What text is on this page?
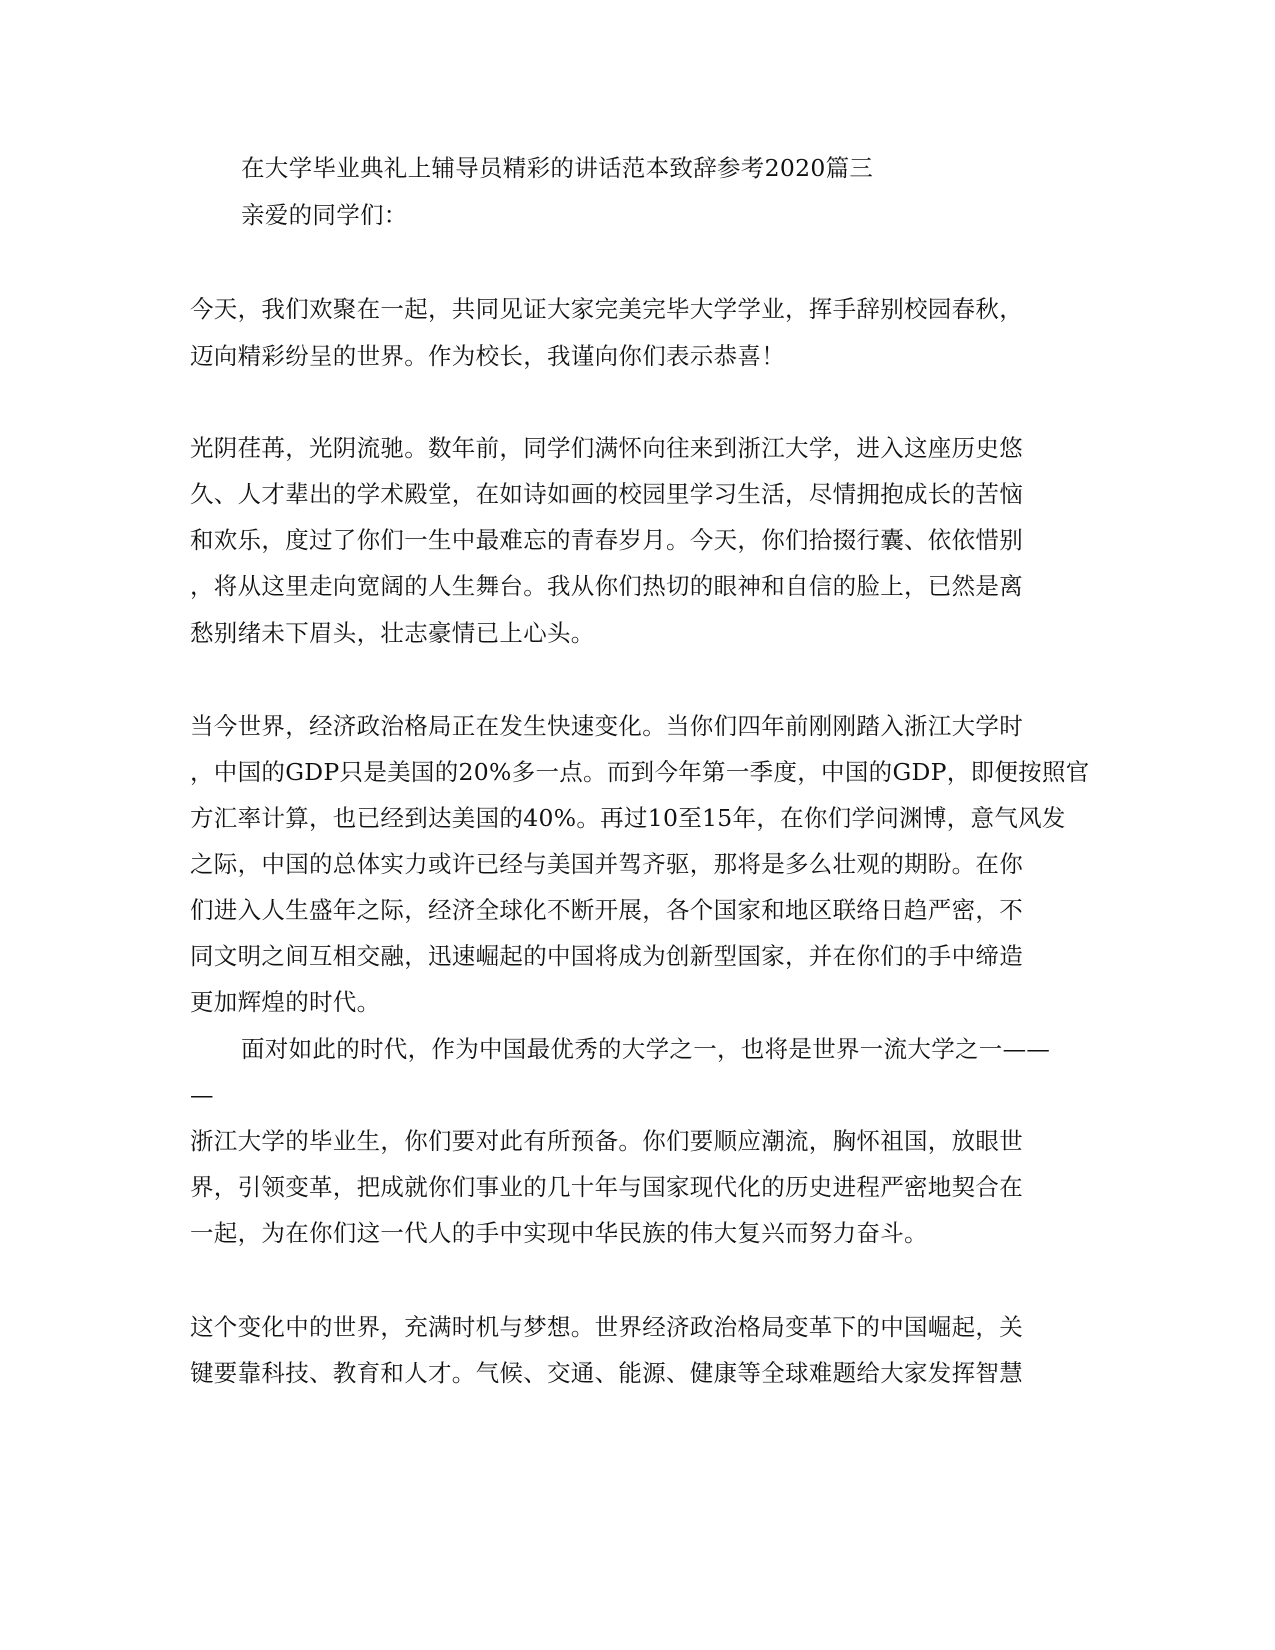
在大学毕业典礼上辅导员精彩的讲话范本致辞参考2020篇三
亲爱的同学们：
今天，我们欢聚在一起，共同见证大家完美完毕大学学业，挥手辞别校园春秋，
迈向精彩纷呈的世界。作为校长，我谨向你们表示恭喜！
光阴荏苒，光阴流驰。数年前，同学们满怀向往来到浙江大学，进入这座历史悠
久、人才辈出的学术殿堂，在如诗如画的校园里学习生活，尽情拥抱成长的苦恼
和欢乐，度过了你们一生中最难忘的青春岁月。今天，你们拾掇行囊、依依惜别
，将从这里走向宽阔的人生舞台。我从你们热切的眼神和自信的脸上，已然是离
愁别绪未下眉头，壮志豪情已上心头。
当今世界，经济政治格局正在发生快速变化。当你们四年前刚刚踏入浙江大学时
，中国的GDP只是美国的20%多一点。而到今年第一季度，中国的GDP，即便按照官
方汇率计算，也已经到达美国的40%。再过10至15年，在你们学问渊博，意气风发
之际，中国的总体实力或许已经与美国并驾齐驱，那将是多么壮观的期盼。在你
们进入人生盛年之际，经济全球化不断开展，各个国家和地区联络日趋严密，不
同文明之间互相交融，迅速崛起的中国将成为创新型国家，并在你们的手中缔造
更加辉煌的时代。
面对如此的时代，作为中国最优秀的大学之一，也将是世界一流大学之一——
—
浙江大学的毕业生，你们要对此有所预备。你们要顺应潮流，胸怀祖国，放眼世
界，引领变革，把成就你们事业的几十年与国家现代化的历史进程严密地契合在
一起，为在你们这一代人的手中实现中华民族的伟大复兴而努力奋斗。
这个变化中的世界，充满时机与梦想。世界经济政治格局变革下的中国崛起，关
键要靠科技、教育和人才。气候、交通、能源、健康等全球难题给大家发挥智慧
